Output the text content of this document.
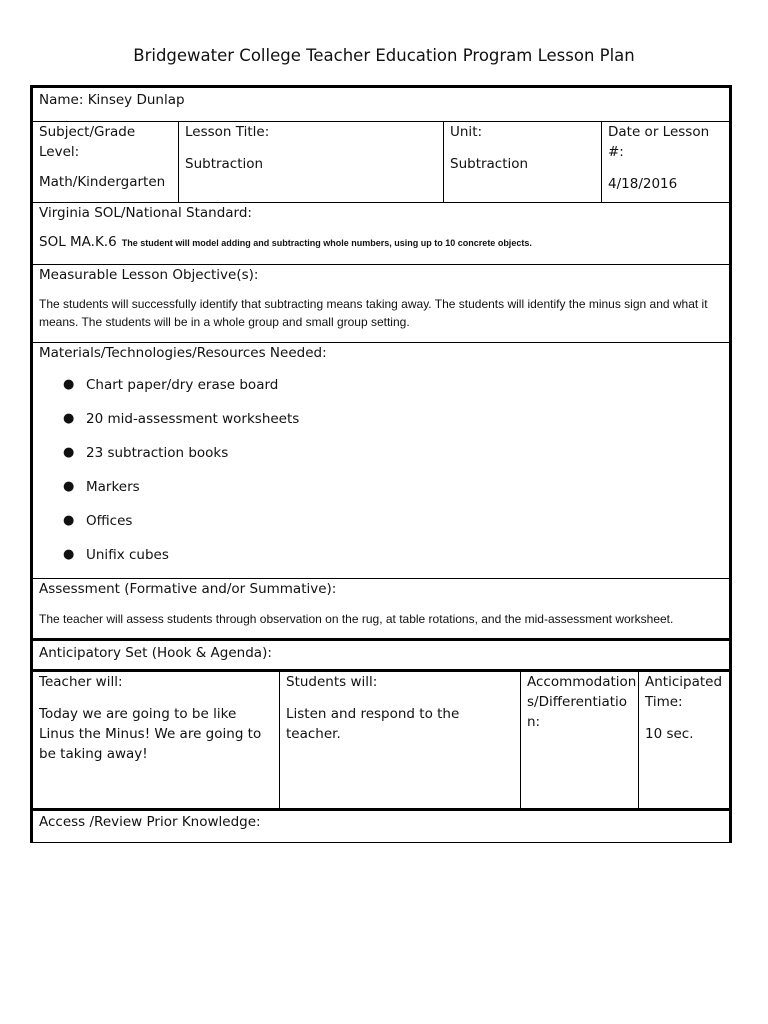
Bridgewater College Teacher Education Program Lesson Plan
Name: Kinsey Dunlap
Subject/Grade Level:
Math/Kindergarten
Lesson Title:
Subtraction
Unit:
Subtraction
Date or Lesson #:
4/18/2016
Virginia SOL/National Standard:
SOL MA.K.6 The student will model adding and subtracting whole numbers, using up to 10 concrete objects.
Measurable Lesson Objective(s):
The students will successfully identify that subtracting means taking away. The students will identify the minus sign and what it means. The students will be in a whole group and small group setting.
Materials/Technologies/Resources Needed:
● Chart paper/dry erase board
● 20 mid-assessment worksheets
● 23 subtraction books
● Markers
● Offices
● Unifix cubes
Assessment (Formative and/or Summative):
The teacher will assess students through observation on the rug, at table rotations, and the mid-assessment worksheet.
Anticipatory Set (Hook & Agenda):
Teacher will:
Today we are going to be like Linus the Minus! We are going to be taking away!
Students will:
Listen and respond to the teacher.
Accommodations/Differentiation:
Anticipated Time:
10 sec.
Access /Review Prior Knowledge:
